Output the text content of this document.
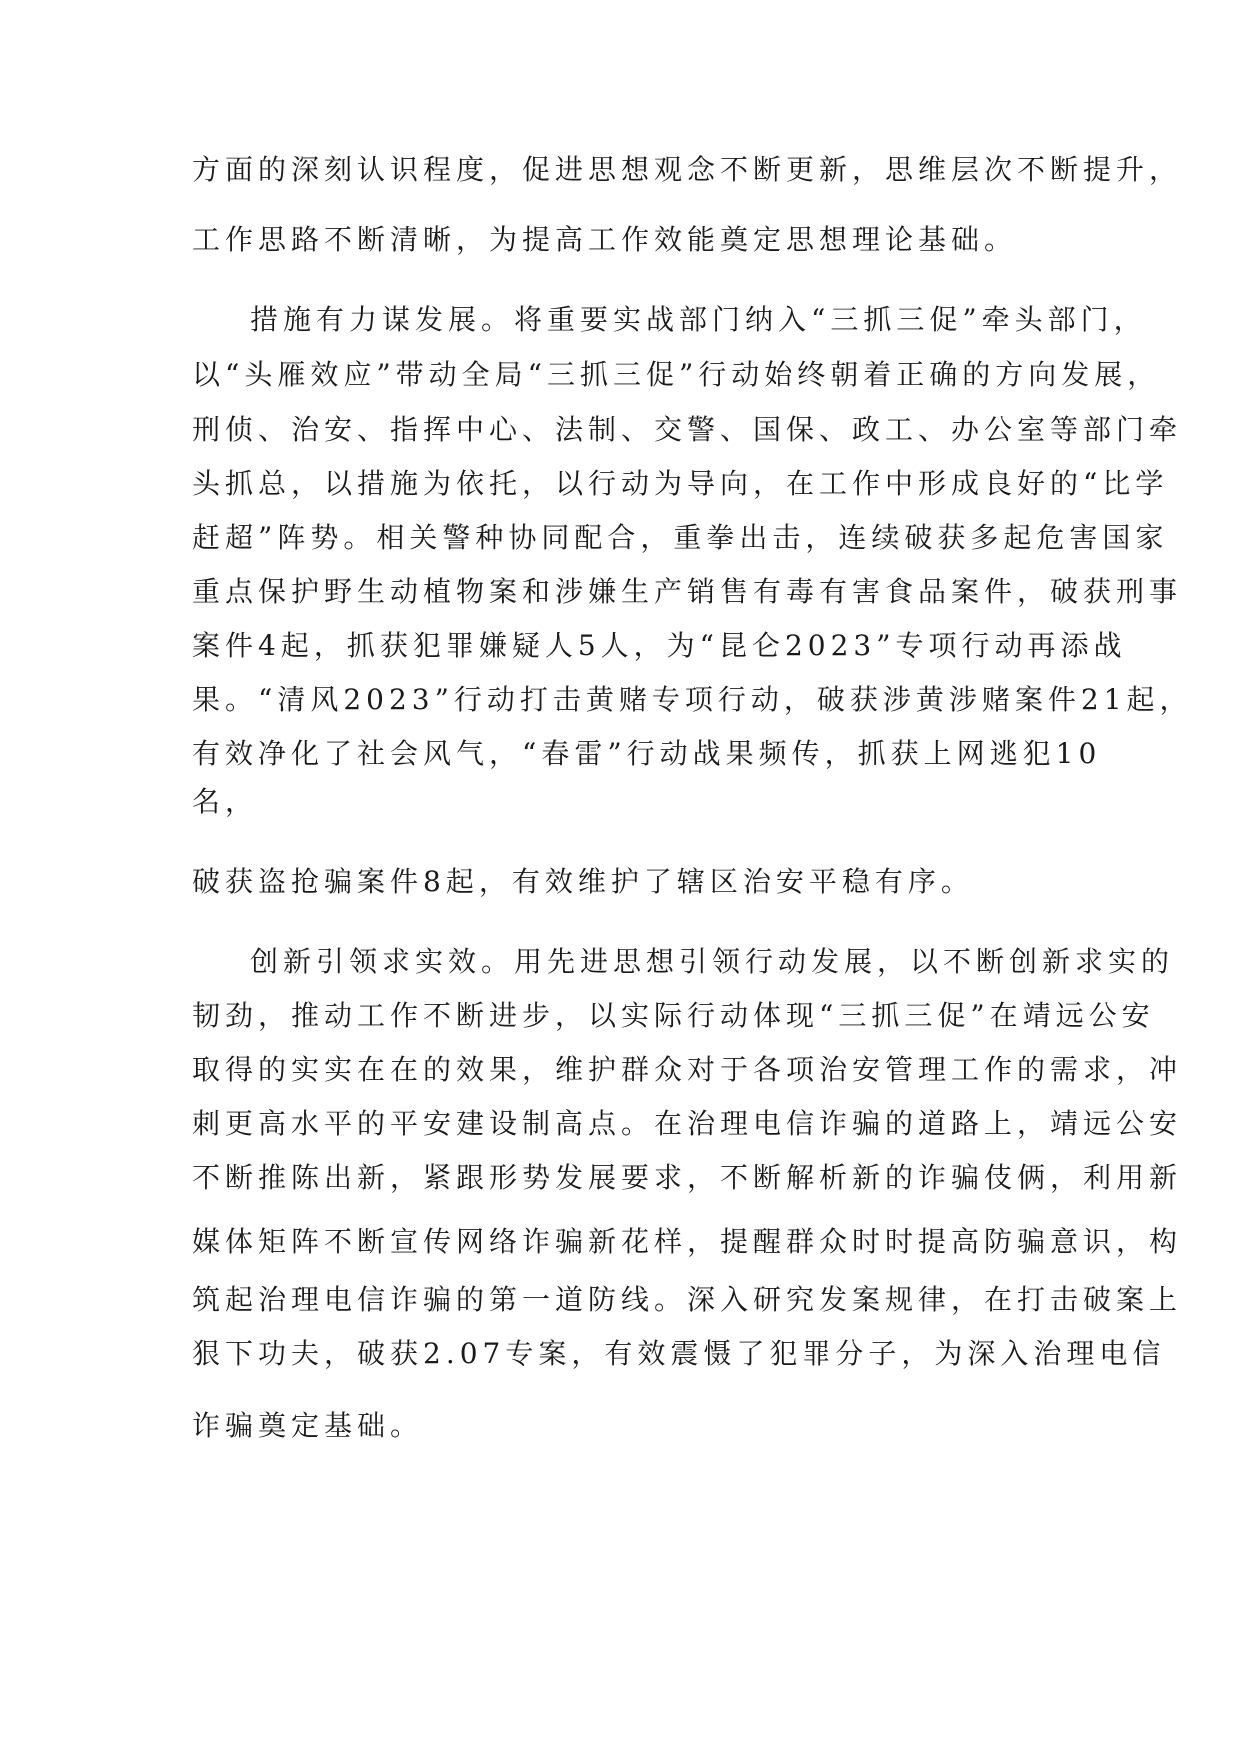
方面的深刻认识程度，促进思想观念不断更新，思维层次不断提升，
工作思路不断清晰，为提高工作效能奠定思想理论基础。
措施有力谋发展。将重要实战部门纳入“三抓三促”牵头部门，
以“头雁效应”带动全局“三抓三促”行动始终朝着正确的方向发展，
刑侦、治安、指挥中心、法制、交警、国保、政工、办公室等部门牵
头抓总，以措施为依托，以行动为导向，在工作中形成良好的“比学
赶超”阵势。相关警种协同配合，重拳出击，连续破获多起危害国家
重点保护野生动植物案和涉嫌生产销售有毒有害食品案件，破获刑事
案件4起，抓获犯罪嫌疑人5人，为“昆仑2023”专项行动再添战
果。“清风2023”行动打击黄赌专项行动，破获涉黄涉赌案件21起，
有效净化了社会风气，“春雷”行动战果频传，抓获上网逃犯10
名，
破获盗抢骗案件8起，有效维护了辖区治安平稳有序。
创新引领求实效。用先进思想引领行动发展，以不断创新求实的
韧劲，推动工作不断进步，以实际行动体现“三抓三促”在靖远公安
取得的实实在在的效果，维护群众对于各项治安管理工作的需求，冲
刺更高水平的平安建设制高点。在治理电信诈骗的道路上，靖远公安
不断推陈出新，紧跟形势发展要求，不断解析新的诈骗伎俩，利用新
媒体矩阵不断宣传网络诈骗新花样，提醒群众时时提高防骗意识，构
筑起治理电信诈骗的第一道防线。深入研究发案规律，在打击破案上
狠下功夫，破获2.07专案，有效震慑了犯罪分子，为深入治理电信
诈骗奠定基础。
